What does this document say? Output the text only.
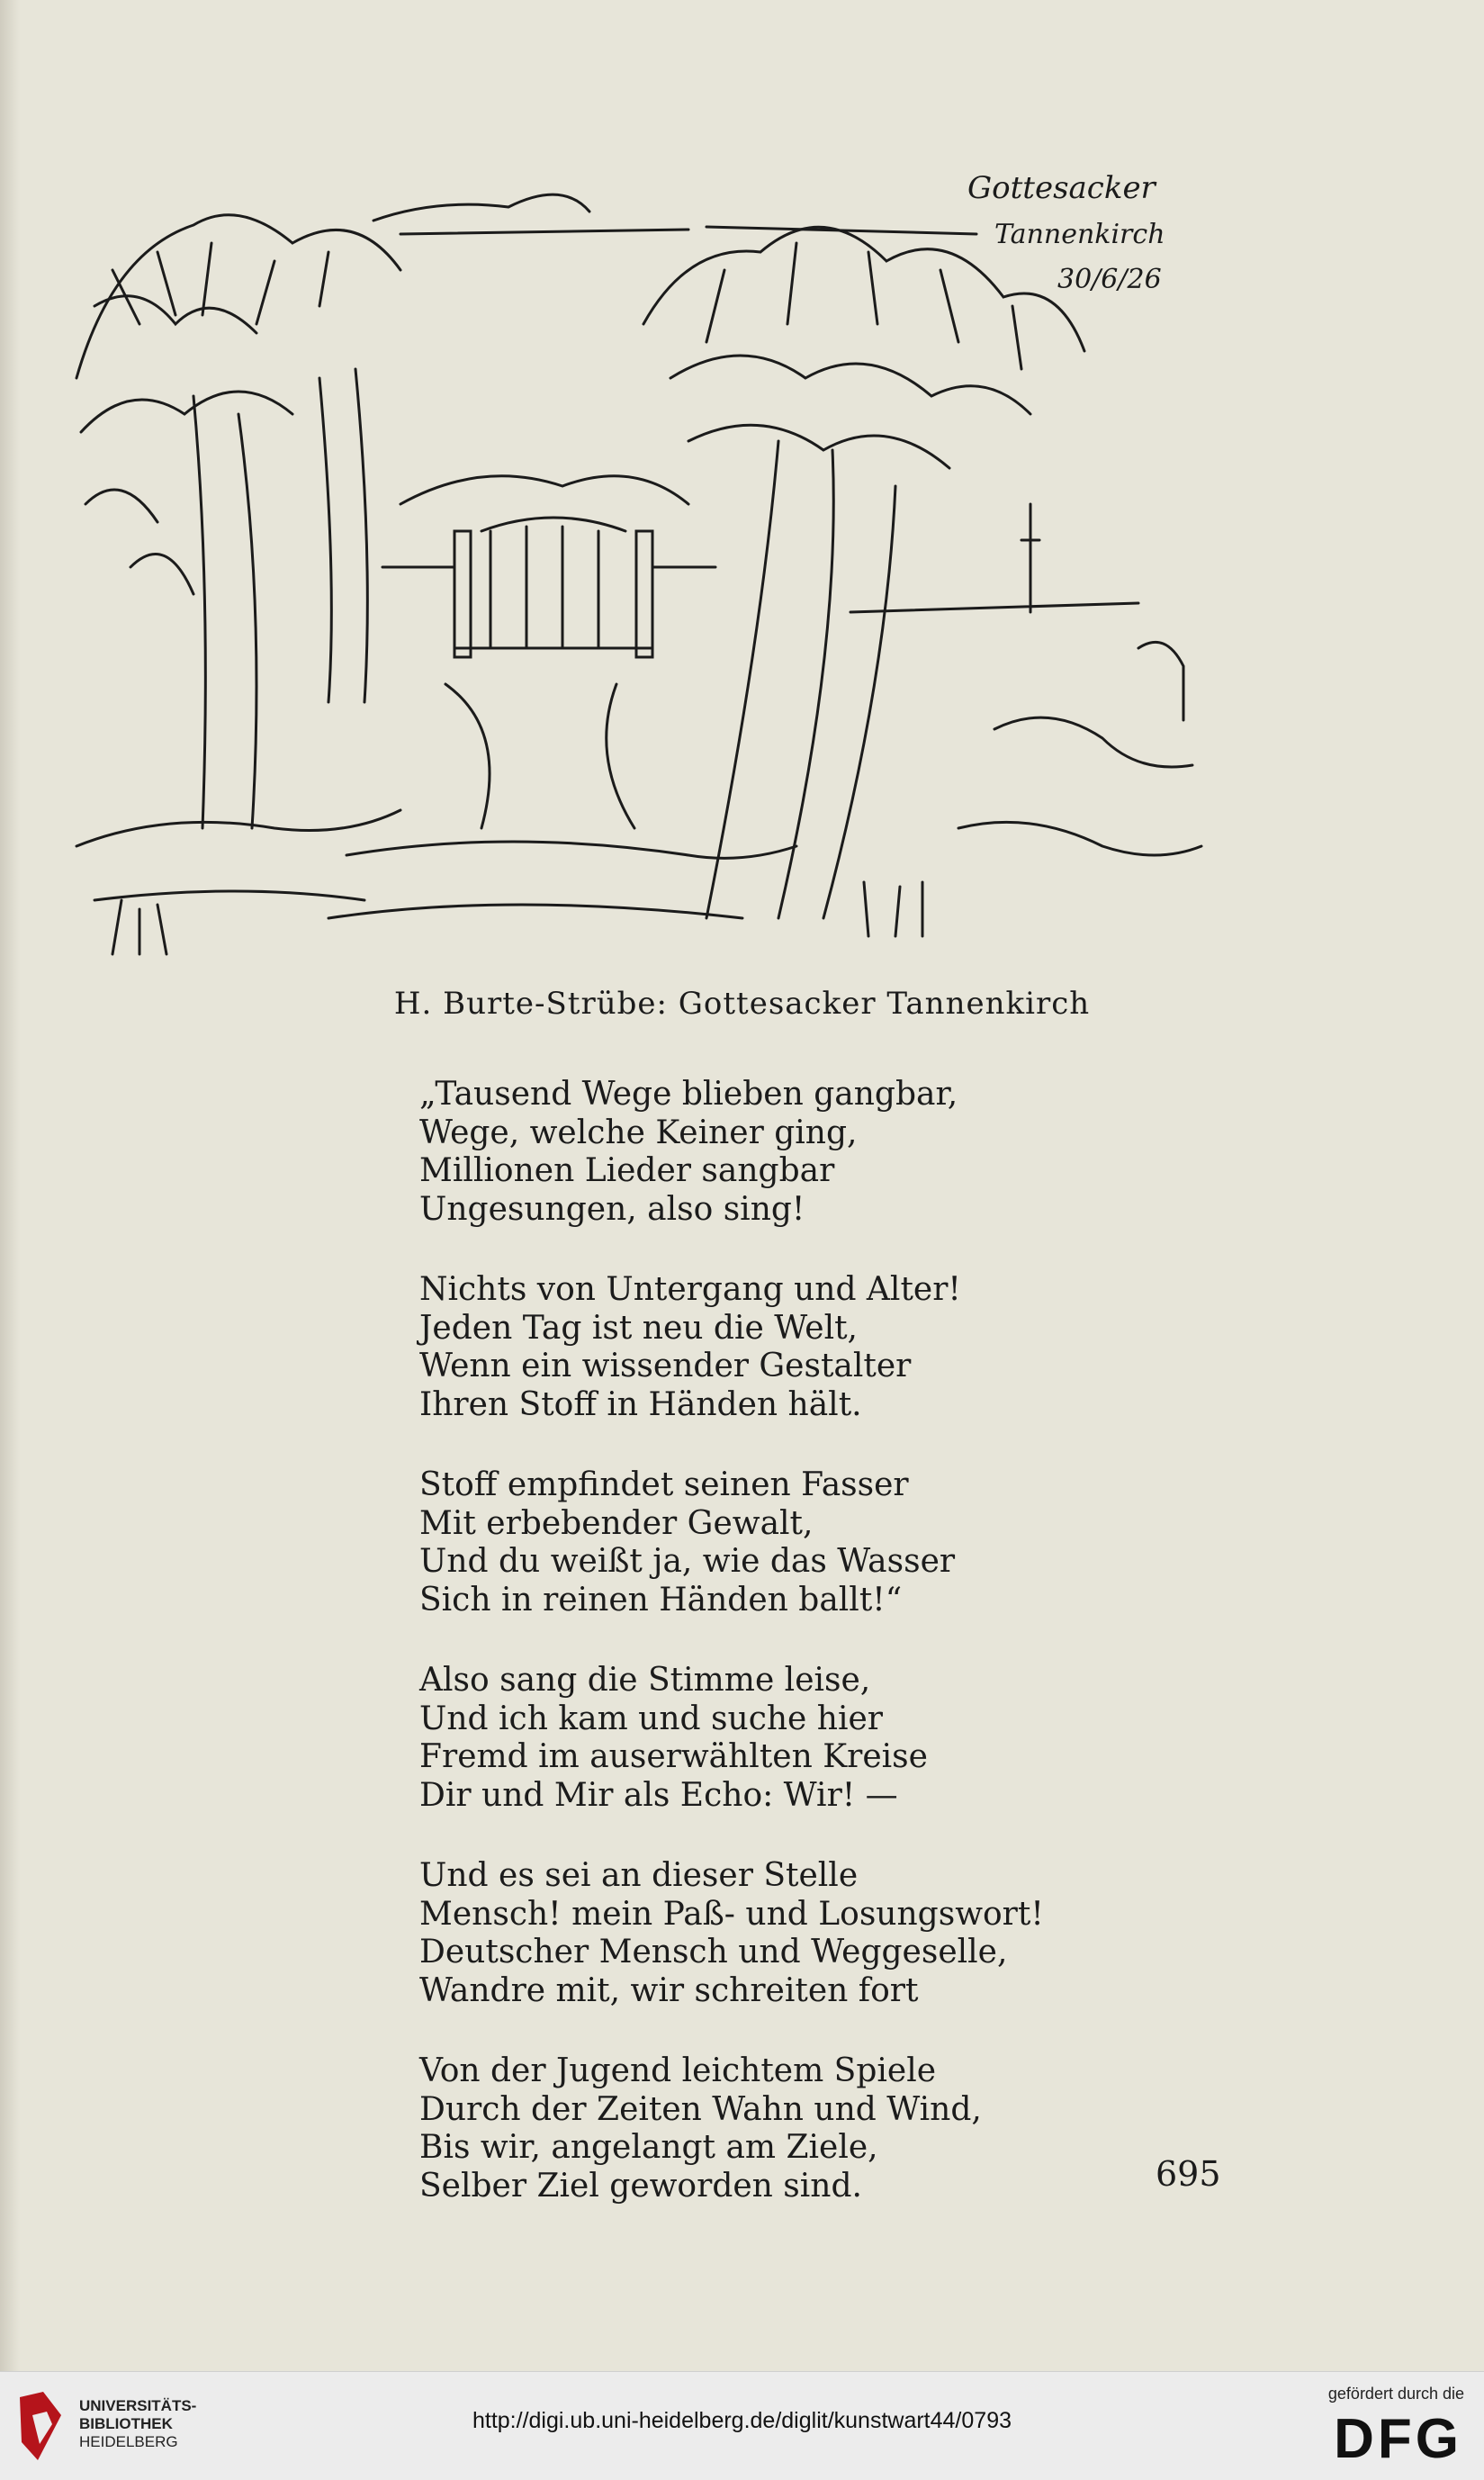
Gottesacker
Tannenkirch
30/6/26
H. Burte-Strübe: Gottesacker Tannenkirch
„Tausend Wege blieben gangbar,
Wege, welche Keiner ging,
Millionen Lieder sangbar
Ungesungen, also sing!
Nichts von Untergang und Alter!
Jeden Tag ist neu die Welt,
Wenn ein wissender Gestalter
Ihren Stoff in Händen hält.
Stoff empfindet seinen Fasser
Mit erbebender Gewalt,
Und du weißt ja, wie das Wasser
Sich in reinen Händen ballt!“
Also sang die Stimme leise,
Und ich kam und suche hier
Fremd im auserwählten Kreise
Dir und Mir als Echo: Wir! —
Und es sei an dieser Stelle
Mensch! mein Paß- und Losungswort!
Deutscher Mensch und Weggeselle,
Wandre mit, wir schreiten fort
Von der Jugend leichtem Spiele
Durch der Zeiten Wahn und Wind,
Bis wir, angelangt am Ziele,
Selber Ziel geworden sind.	695
UNIVERSITÄTS-
BIBLIOTHEK
HEIDELBERG
http://digi.ub.uni-heidelberg.de/diglit/kunstwart44/0793
gefördert durch die
DFG
